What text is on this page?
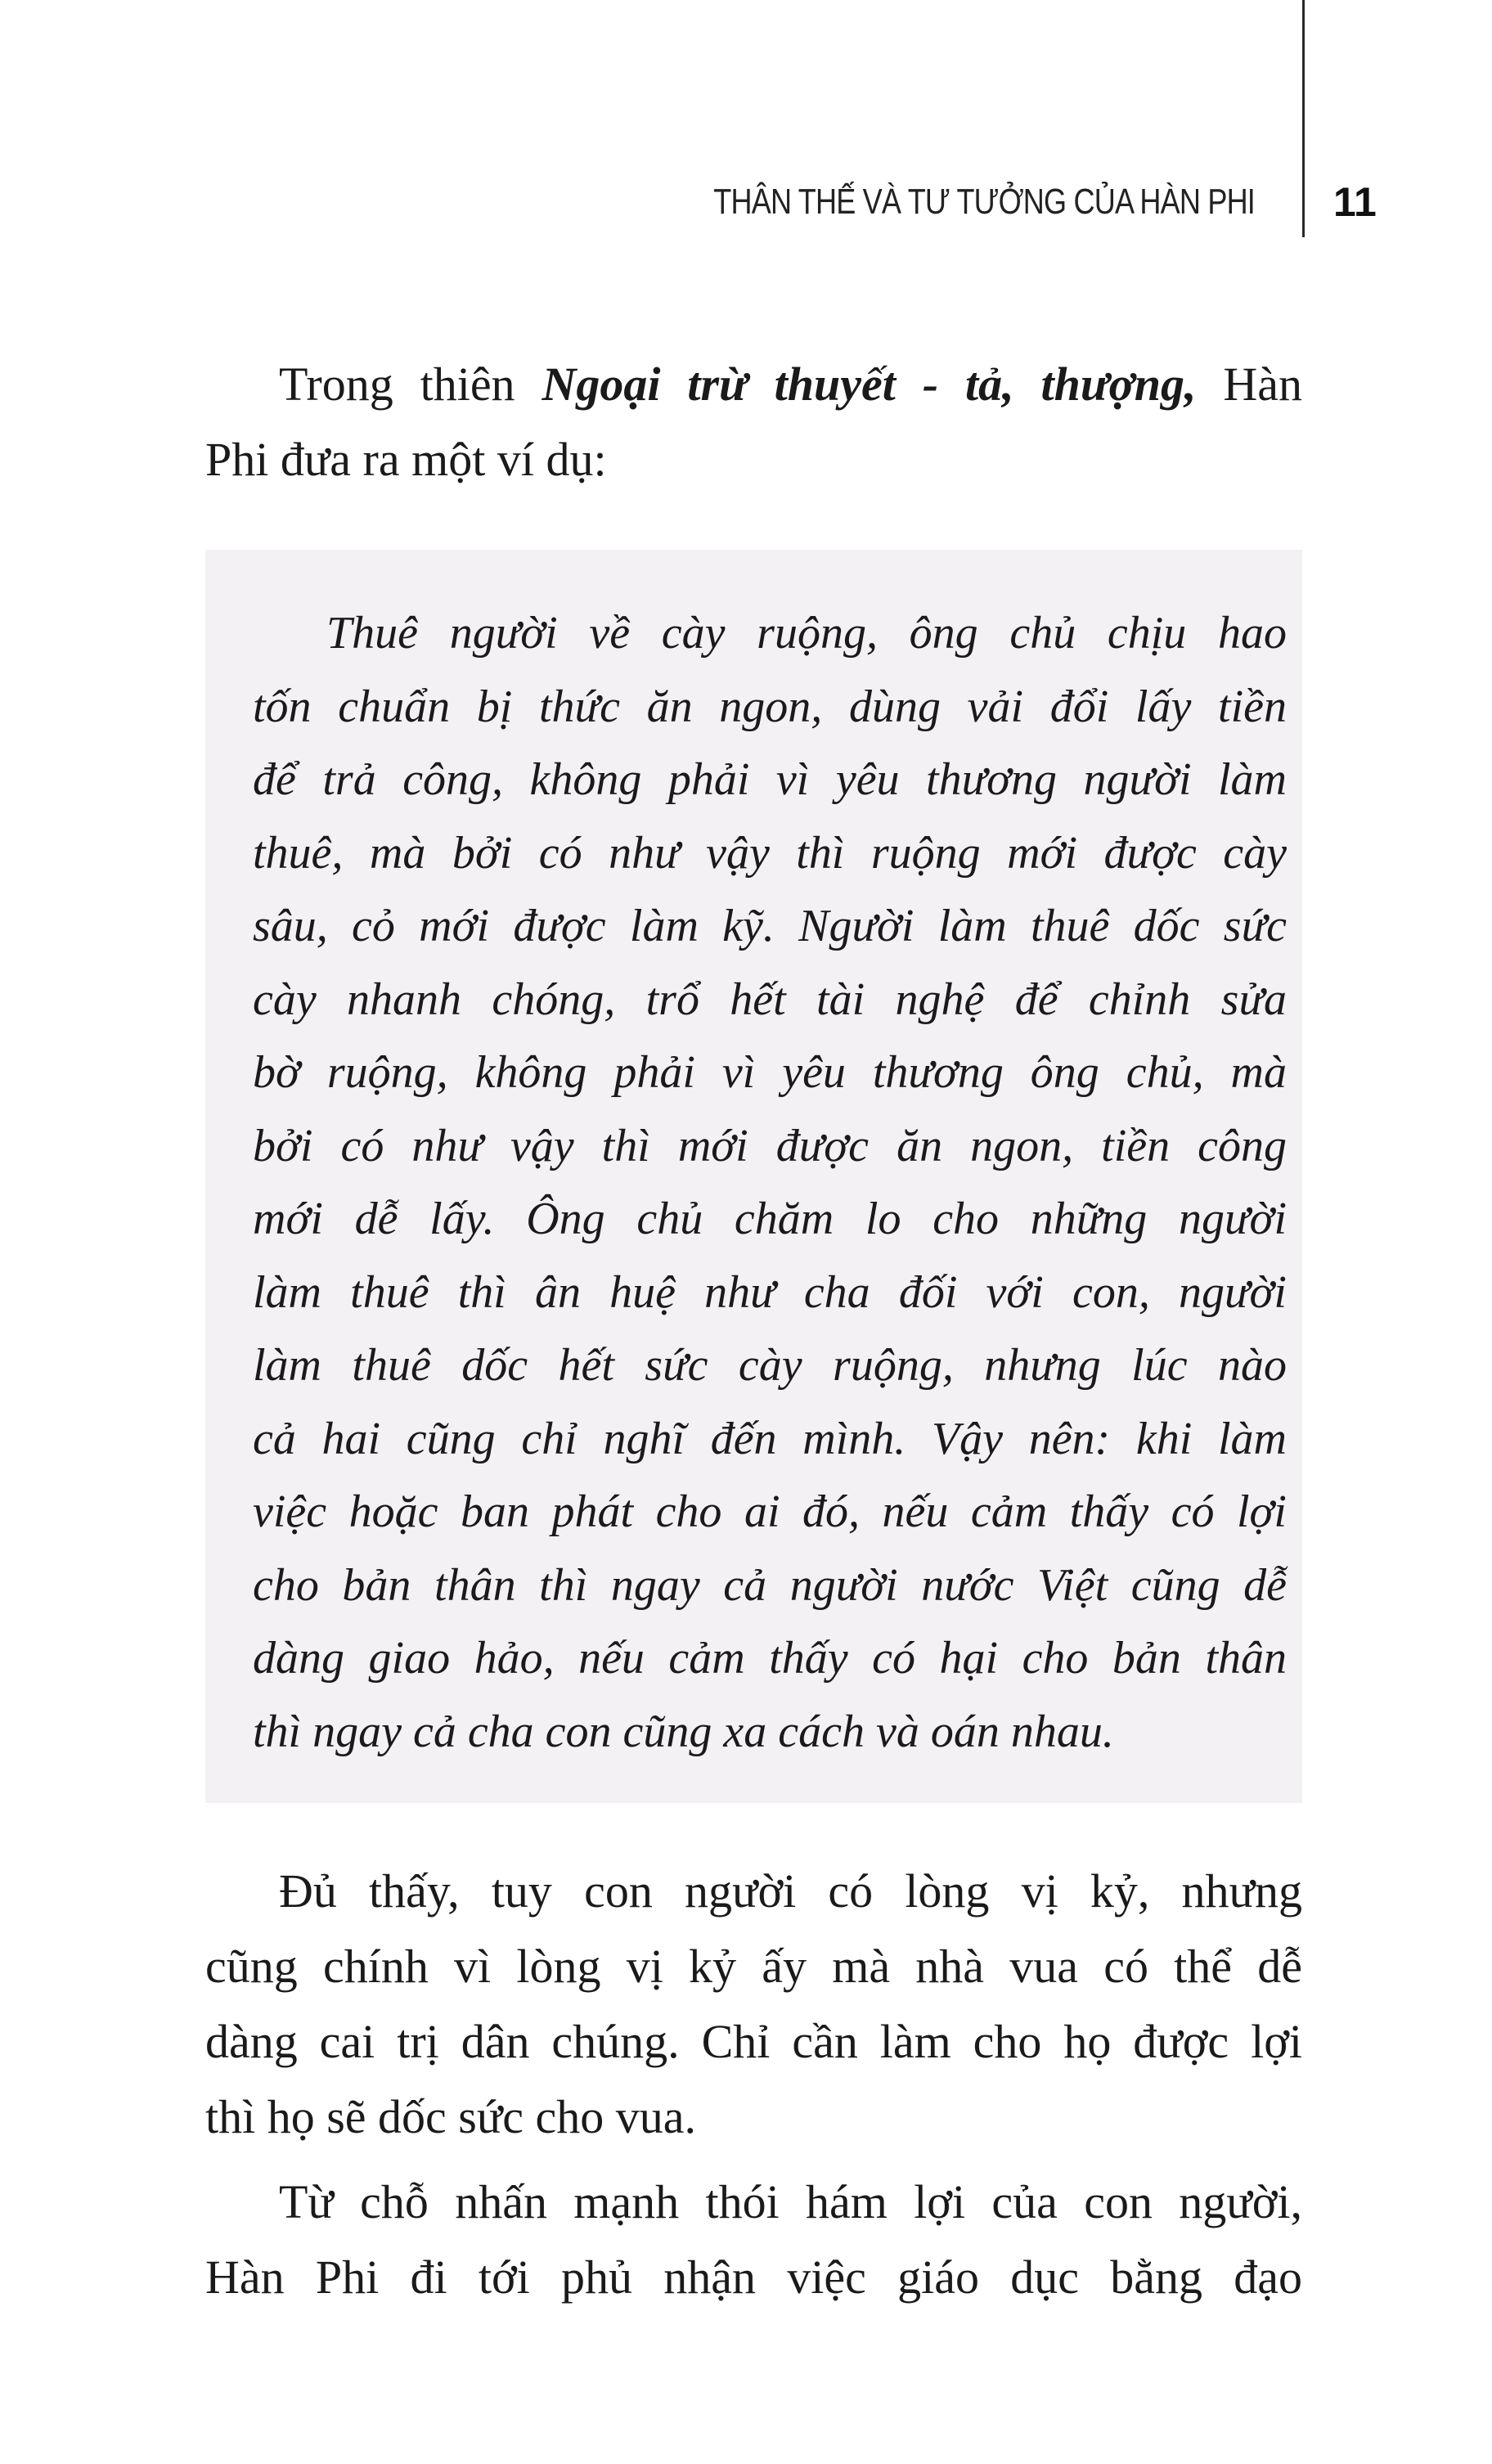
THÂN THẾ VÀ TƯ TƯỞNG CỦA HÀN PHI 11
Trong thiên Ngoại trừ thuyết - tả, thượng, Hàn
Phi đưa ra một ví dụ:
Thuê người về cày ruộng, ông chủ chịu hao
tốn chuẩn bị thức ăn ngon, dùng vải đổi lấy tiền
để trả công, không phải vì yêu thương người làm
thuê, mà bởi có như vậy thì ruộng mới được cày
sâu, cỏ mới được làm kỹ. Người làm thuê dốc sức
cày nhanh chóng, trổ hết tài nghệ để chỉnh sửa
bờ ruộng, không phải vì yêu thương ông chủ, mà
bởi có như vậy thì mới được ăn ngon, tiền công
mới dễ lấy. Ông chủ chăm lo cho những người
làm thuê thì ân huệ như cha đối với con, người
làm thuê dốc hết sức cày ruộng, nhưng lúc nào
cả hai cũng chỉ nghĩ đến mình. Vậy nên: khi làm
việc hoặc ban phát cho ai đó, nếu cảm thấy có lợi
cho bản thân thì ngay cả người nước Việt cũng dễ
dàng giao hảo, nếu cảm thấy có hại cho bản thân
thì ngay cả cha con cũng xa cách và oán nhau.
Đủ thấy, tuy con người có lòng vị kỷ, nhưng
cũng chính vì lòng vị kỷ ấy mà nhà vua có thể dễ
dàng cai trị dân chúng. Chỉ cần làm cho họ được lợi
thì họ sẽ dốc sức cho vua.
Từ chỗ nhấn mạnh thói hám lợi của con người,
Hàn Phi đi tới phủ nhận việc giáo dục bằng đạo
